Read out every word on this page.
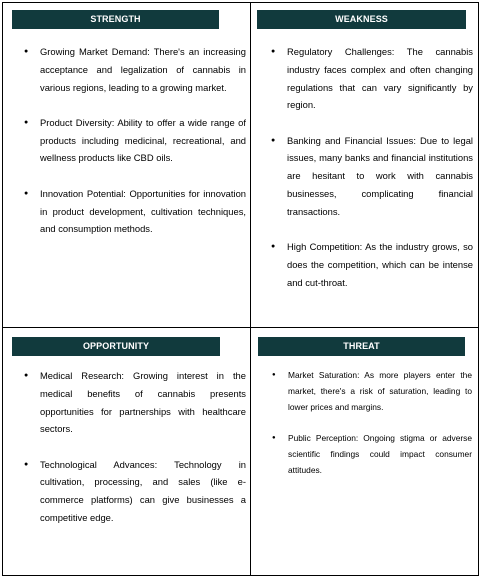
STRENGTH
● Growing Market Demand: There's an increasing acceptance and legalization of cannabis in various regions, leading to a growing market.
● Product Diversity: Ability to offer a wide range of products including medicinal, recreational, and wellness products like CBD oils.
● Innovation Potential: Opportunities for innovation in product development, cultivation techniques, and consumption methods.
WEAKNESS
● Regulatory Challenges: The cannabis industry faces complex and often changing regulations that can vary significantly by region.
● Banking and Financial Issues: Due to legal issues, many banks and financial institutions are hesitant to work with cannabis businesses, complicating financial transactions.
● High Competition: As the industry grows, so does the competition, which can be intense and cut-throat.
OPPORTUNITY
● Medical Research: Growing interest in the medical benefits of cannabis presents opportunities for partnerships with healthcare sectors.
● Technological Advances: Technology in cultivation, processing, and sales (like e-commerce platforms) can give businesses a competitive edge.
THREAT
● Market Saturation: As more players enter the market, there's a risk of saturation, leading to lower prices and margins.
● Public Perception: Ongoing stigma or adverse scientific findings could impact consumer attitudes.
